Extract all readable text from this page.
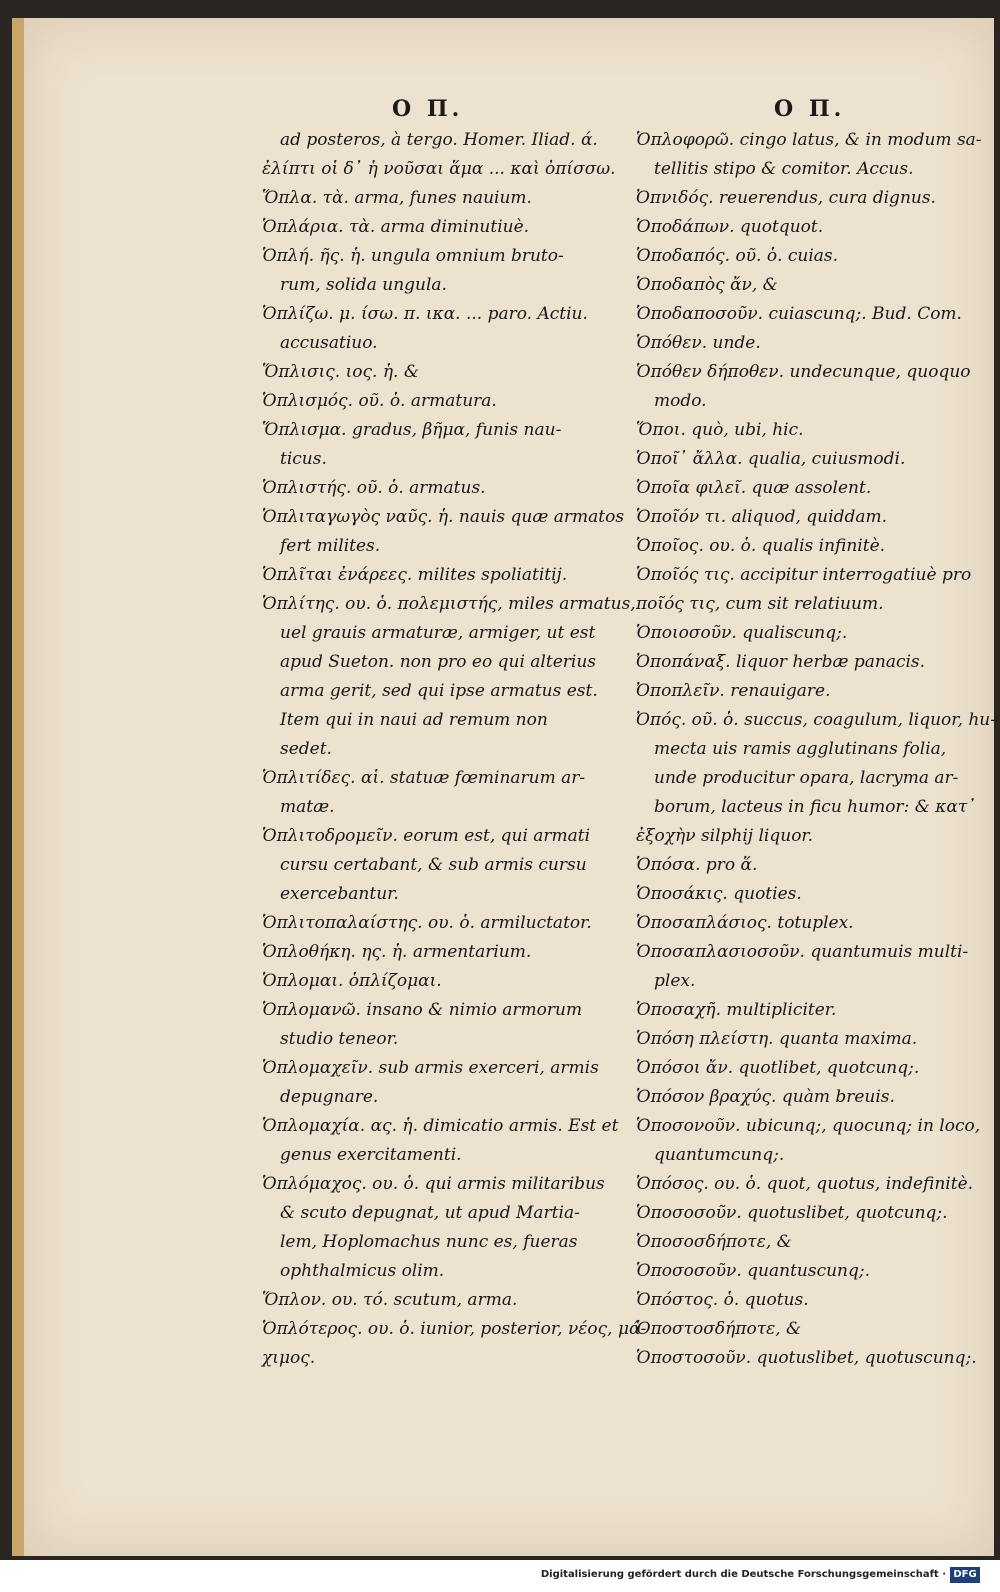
Ο Π.	Ο Π.
ad posteros, à tergo. Homer. Iliad. ά.
ἐλίπτι οἱ δ᾽ ἡ νοῦσαι ἅμα ... καὶ ὀπίσσω.
Ὅπλα. τὰ. arma, funes nauium.
Ὁπλάρια. τὰ. arma diminutiuè.
Ὁπλή. ῆς. ἡ. ungula omnium bruto-
rum, solida ungula.
Ὁπλίζω. μ. ίσω. π. ικα. ... paro. Actiu.
accusatiuo.
Ὅπλισις. ιος. ἡ. &
Ὁπλισμός. οῦ. ὁ. armatura.
Ὅπλισμα. gradus, βῆμα, funis nau-
ticus.
Ὁπλιστής. οῦ. ὁ. armatus.
Ὁπλιταγωγὸς ναῦς. ἡ. nauis quæ armatos
fert milites.
Ὁπλῖται ἐνάρεες. milites spoliatitij.
Ὁπλίτης. ου. ὁ. πολεμιστής, miles armatus,
uel grauis armaturæ, armiger, ut est
apud Sueton. non pro eo qui alterius
arma gerit, sed qui ipse armatus est.
Item qui in naui ad remum non
sedet.
Ὁπλιτίδες. αἱ. statuæ fœminarum ar-
matæ.
Ὁπλιτοδρομεῖν. eorum est, qui armati
cursu certabant, & sub armis cursu
exercebantur.
Ὁπλιτοπαλαίστης. ου. ὁ. armiluctator.
Ὁπλοθήκη. ης. ἡ. armentarium.
Ὁπλομαι. ὁπλίζομαι.
Ὁπλομανῶ. insano & nimio armorum
studio teneor.
Ὁπλομαχεῖν. sub armis exerceri, armis
depugnare.
Ὁπλομαχία. ας. ἡ. dimicatio armis. Est et
genus exercitamenti.
Ὁπλόμαχος. ου. ὁ. qui armis militaribus
& scuto depugnat, ut apud Martia-
lem, Hoplomachus nunc es, fueras
ophthalmicus olim.
Ὅπλον. ου. τό. scutum, arma.
Ὁπλότερος. ου. ὁ. iunior, posterior, νέος, μά-
χιμος.
Ὁπλοφορῶ. cingo latus, & in modum sa-
tellitis stipo & comitor. Accus.
Ὀπνιδός. reuerendus, cura dignus.
Ὁποδάπων. quotquot.
Ὁποδαπός. οῦ. ὁ. cuias.
Ὁποδαπὸς ἄν, &
Ὁποδαποσοῦν. cuiascunq;. Bud. Com.
Ὁπόθεν. unde.
Ὁπόθεν δήποθεν. undecunque, quoquo
modo.
Ὅποι. quò, ubi, hic.
Ὁποῖ᾽ ἄλλα. qualia, cuiusmodi.
Ὁποῖα φιλεῖ. quæ assolent.
Ὁποῖόν τι. aliquod, quiddam.
Ὁποῖος. ου. ὁ. qualis infinitè.
Ὁποῖός τις. accipitur interrogatiuè pro
ποῖός τις, cum sit relatiuum.
Ὁποιοσοῦν. qualiscunq;.
Ὀποπάναξ. liquor herbæ panacis.
Ὀποπλεῖν. renauigare.
Ὀπός. οῦ. ὁ. succus, coagulum, liquor, hu-
mecta uis ramis agglutinans folia,
unde producitur opara, lacryma ar-
borum, lacteus in ficu humor: & κατ᾽
ἐξοχὴν silphij liquor.
Ὁπόσα. pro ἅ.
Ὁποσάκις. quoties.
Ὁποσαπλάσιος. totuplex.
Ὁποσαπλασιοσοῦν. quantumuis multi-
plex.
Ὁποσαχῆ. multipliciter.
Ὁπόση πλείστη. quanta maxima.
Ὁπόσοι ἄν. quotlibet, quotcunq;.
Ὁπόσον βραχύς. quàm breuis.
Ὁποσονοῦν. ubicunq;, quocunq; in loco,
quantumcunq;.
Ὁπόσος. ου. ὁ. quot, quotus, indefinitè.
Ὁποσοσοῦν. quotuslibet, quotcunq;.
Ὁποσοσδήποτε, &
Ὁποσοσοῦν. quantuscunq;.
Ὁπόστος. ὁ. quotus.
Ὁποστοσδήποτε, &
Ὁποστοσοῦν. quotuslibet, quotuscunq;.
Digitalisierung gefördert durch die Deutsche Forschungsgemeinschaft · DFG
